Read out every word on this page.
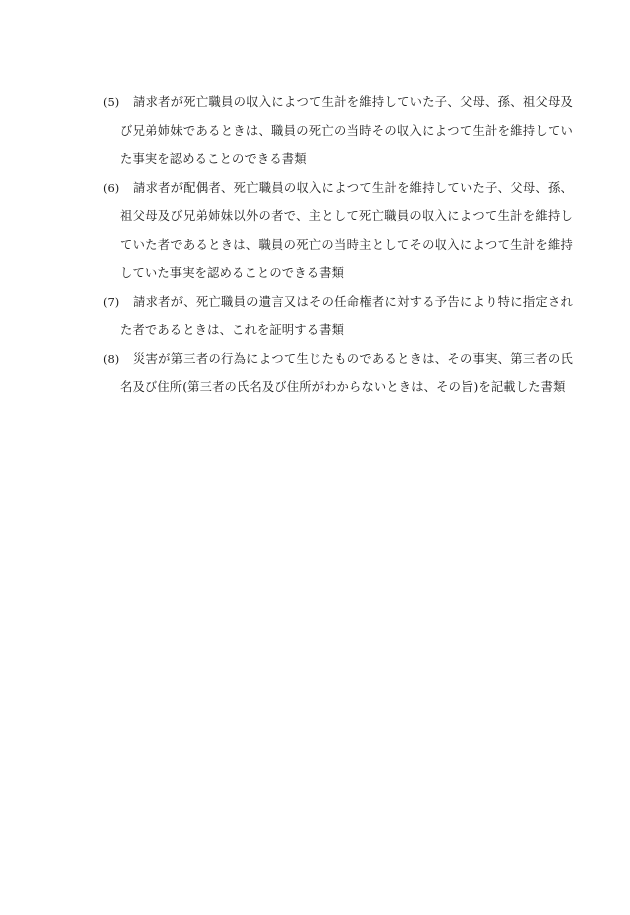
(5)	請求者が死亡職員の収入によつて生計を維持していた子、父母、孫、祖父母及び兄弟姉妹であるときは、職員の死亡の当時その収入によつて生計を維持していた事実を認めることのできる書類
(6)	請求者が配偶者、死亡職員の収入によつて生計を維持していた子、父母、孫、祖父母及び兄弟姉妹以外の者で、主として死亡職員の収入によつて生計を維持していた者であるときは、職員の死亡の当時主としてその収入によつて生計を維持していた事実を認めることのできる書類
(7)	請求者が、死亡職員の遺言又はその任命権者に対する予告により特に指定された者であるときは、これを証明する書類
(8)	災害が第三者の行為によつて生じたものであるときは、その事実、第三者の氏名及び住所(第三者の氏名及び住所がわからないときは、その旨)を記載した書類
